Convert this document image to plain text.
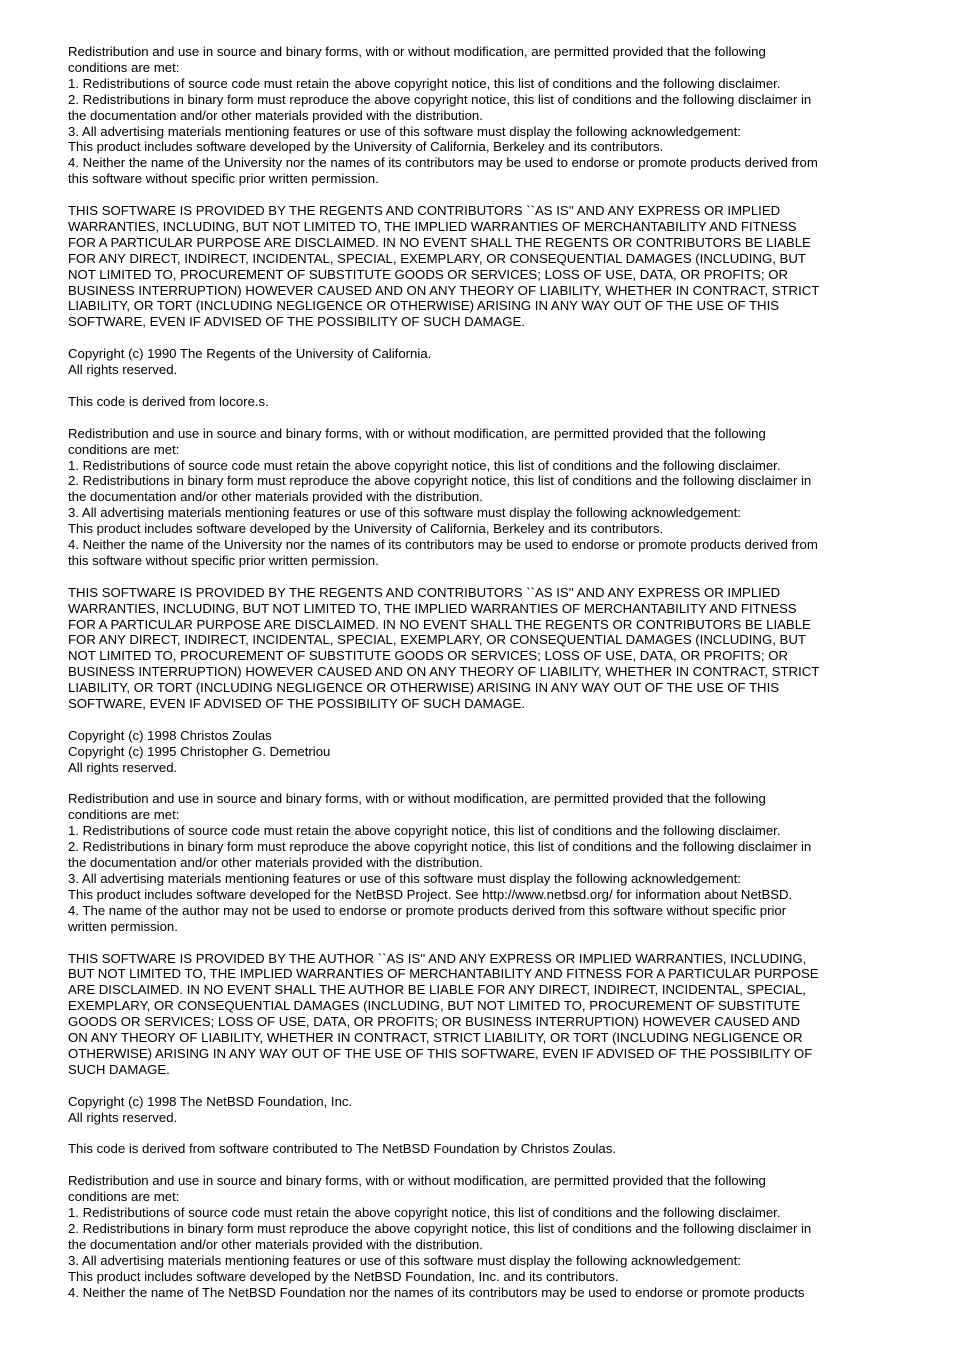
Redistribution and use in source and binary forms, with or without modification, are permitted provided that the following
conditions are met:
1. Redistributions of source code must retain the above copyright notice, this list of conditions and the following disclaimer.
2. Redistributions in binary form must reproduce the above copyright notice, this list of conditions and the following disclaimer in
the documentation and/or other materials provided with the distribution.
3. All advertising materials mentioning features or use of this software must display the following acknowledgement:
This product includes software developed by the University of California, Berkeley and its contributors.
4. Neither the name of the University nor the names of its contributors may be used to endorse or promote products derived from
this software without specific prior written permission.
THIS SOFTWARE IS PROVIDED BY THE REGENTS AND CONTRIBUTORS ``AS IS'' AND ANY EXPRESS OR IMPLIED
WARRANTIES, INCLUDING, BUT NOT LIMITED TO, THE IMPLIED WARRANTIES OF MERCHANTABILITY AND FITNESS
FOR A PARTICULAR PURPOSE ARE DISCLAIMED. IN NO EVENT SHALL THE REGENTS OR CONTRIBUTORS BE LIABLE
FOR ANY DIRECT, INDIRECT, INCIDENTAL, SPECIAL, EXEMPLARY, OR CONSEQUENTIAL DAMAGES (INCLUDING, BUT
NOT LIMITED TO, PROCUREMENT OF SUBSTITUTE GOODS OR SERVICES; LOSS OF USE, DATA, OR PROFITS; OR
BUSINESS INTERRUPTION) HOWEVER CAUSED AND ON ANY THEORY OF LIABILITY, WHETHER IN CONTRACT, STRICT
LIABILITY, OR TORT (INCLUDING NEGLIGENCE OR OTHERWISE) ARISING IN ANY WAY OUT OF THE USE OF THIS
SOFTWARE, EVEN IF ADVISED OF THE POSSIBILITY OF SUCH DAMAGE.
Copyright (c) 1990 The Regents of the University of California.
All rights reserved.
This code is derived from locore.s.
Redistribution and use in source and binary forms, with or without modification, are permitted provided that the following
conditions are met:
1. Redistributions of source code must retain the above copyright notice, this list of conditions and the following disclaimer.
2. Redistributions in binary form must reproduce the above copyright notice, this list of conditions and the following disclaimer in
the documentation and/or other materials provided with the distribution.
3. All advertising materials mentioning features or use of this software must display the following acknowledgement:
This product includes software developed by the University of California, Berkeley and its contributors.
4. Neither the name of the University nor the names of its contributors may be used to endorse or promote products derived from
this software without specific prior written permission.
THIS SOFTWARE IS PROVIDED BY THE REGENTS AND CONTRIBUTORS ``AS IS'' AND ANY EXPRESS OR IMPLIED
WARRANTIES, INCLUDING, BUT NOT LIMITED TO, THE IMPLIED WARRANTIES OF MERCHANTABILITY AND FITNESS
FOR A PARTICULAR PURPOSE ARE DISCLAIMED. IN NO EVENT SHALL THE REGENTS OR CONTRIBUTORS BE LIABLE
FOR ANY DIRECT, INDIRECT, INCIDENTAL, SPECIAL, EXEMPLARY, OR CONSEQUENTIAL DAMAGES (INCLUDING, BUT
NOT LIMITED TO, PROCUREMENT OF SUBSTITUTE GOODS OR SERVICES; LOSS OF USE, DATA, OR PROFITS; OR
BUSINESS INTERRUPTION) HOWEVER CAUSED AND ON ANY THEORY OF LIABILITY, WHETHER IN CONTRACT, STRICT
LIABILITY, OR TORT (INCLUDING NEGLIGENCE OR OTHERWISE) ARISING IN ANY WAY OUT OF THE USE OF THIS
SOFTWARE, EVEN IF ADVISED OF THE POSSIBILITY OF SUCH DAMAGE.
Copyright (c) 1998 Christos Zoulas
Copyright (c) 1995 Christopher G. Demetriou
All rights reserved.
Redistribution and use in source and binary forms, with or without modification, are permitted provided that the following
conditions are met:
1. Redistributions of source code must retain the above copyright notice, this list of conditions and the following disclaimer.
2. Redistributions in binary form must reproduce the above copyright notice, this list of conditions and the following disclaimer in
the documentation and/or other materials provided with the distribution.
3. All advertising materials mentioning features or use of this software must display the following acknowledgement:
This product includes software developed for the NetBSD Project. See http://www.netbsd.org/ for information about NetBSD.
4. The name of the author may not be used to endorse or promote products derived from this software without specific prior
written permission.
THIS SOFTWARE IS PROVIDED BY THE AUTHOR ``AS IS'' AND ANY EXPRESS OR IMPLIED WARRANTIES, INCLUDING,
BUT NOT LIMITED TO, THE IMPLIED WARRANTIES OF MERCHANTABILITY AND FITNESS FOR A PARTICULAR PURPOSE
ARE DISCLAIMED. IN NO EVENT SHALL THE AUTHOR BE LIABLE FOR ANY DIRECT, INDIRECT, INCIDENTAL, SPECIAL,
EXEMPLARY, OR CONSEQUENTIAL DAMAGES (INCLUDING, BUT NOT LIMITED TO, PROCUREMENT OF SUBSTITUTE
GOODS OR SERVICES; LOSS OF USE, DATA, OR PROFITS; OR BUSINESS INTERRUPTION) HOWEVER CAUSED AND
ON ANY THEORY OF LIABILITY, WHETHER IN CONTRACT, STRICT LIABILITY, OR TORT (INCLUDING NEGLIGENCE OR
OTHERWISE) ARISING IN ANY WAY OUT OF THE USE OF THIS SOFTWARE, EVEN IF ADVISED OF THE POSSIBILITY OF
SUCH DAMAGE.
Copyright (c) 1998 The NetBSD Foundation, Inc.
All rights reserved.
This code is derived from software contributed to The NetBSD Foundation by Christos Zoulas.
Redistribution and use in source and binary forms, with or without modification, are permitted provided that the following
conditions are met:
1. Redistributions of source code must retain the above copyright notice, this list of conditions and the following disclaimer.
2. Redistributions in binary form must reproduce the above copyright notice, this list of conditions and the following disclaimer in
the documentation and/or other materials provided with the distribution.
3. All advertising materials mentioning features or use of this software must display the following acknowledgement:
This product includes software developed by the NetBSD Foundation, Inc. and its contributors.
4. Neither the name of The NetBSD Foundation nor the names of its contributors may be used to endorse or promote products
